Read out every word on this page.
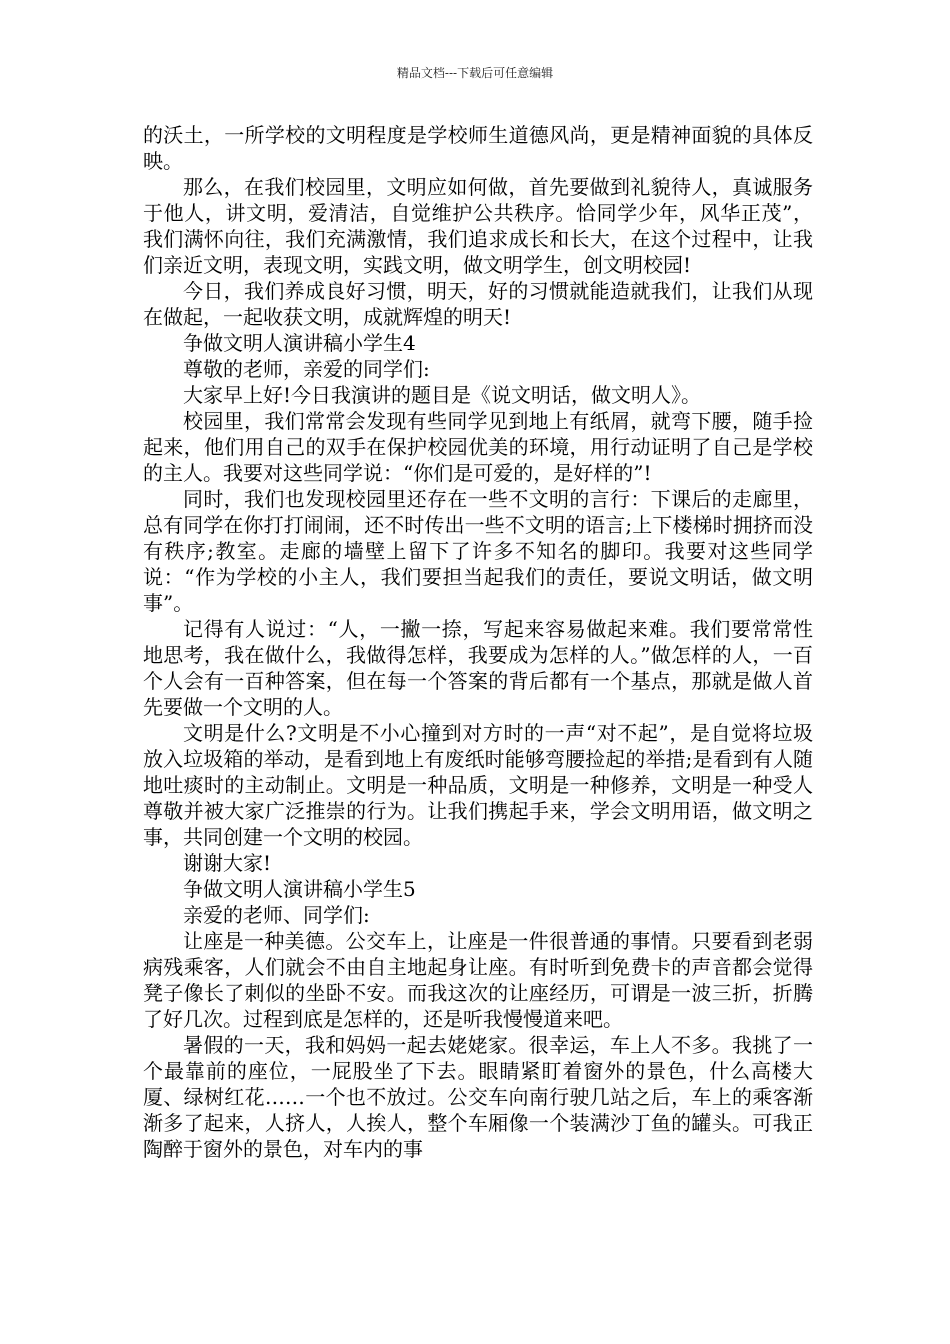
精品文档---下载后可任意编辑

的沃土，一所学校的文明程度是学校师生道德风尚，更是精神面貌的具体反映。

那么，在我们校园里，文明应如何做，首先要做到礼貌待人，真诚服务于他人，讲文明，爱清洁，自觉维护公共秩序。恰同学少年，风华正茂”，我们满怀向往，我们充满激情，我们追求成长和长大，在这个过程中，让我们亲近文明，表现文明，实践文明，做文明学生，创文明校园!

今日，我们养成良好习惯，明天，好的习惯就能造就我们，让我们从现在做起，一起收获文明，成就辉煌的明天!

争做文明人演讲稿小学生4

尊敬的老师，亲爱的同学们:

大家早上好!今日我演讲的题目是《说文明话，做文明人》。

校园里，我们常常会发现有些同学见到地上有纸屑，就弯下腰，随手捡起来，他们用自己的双手在保护校园优美的环境，用行动证明了自己是学校的主人。我要对这些同学说：“你们是可爱的，是好样的”!

同时，我们也发现校园里还存在一些不文明的言行：下课后的走廊里，总有同学在你打打闹闹，还不时传出一些不文明的语言;上下楼梯时拥挤而没有秩序;教室。走廊的墙壁上留下了许多不知名的脚印。我要对这些同学说：“作为学校的小主人，我们要担当起我们的责任，要说文明话，做文明事”。

记得有人说过：“人，一撇一捺，写起来容易做起来难。我们要常常性地思考，我在做什么，我做得怎样，我要成为怎样的人。”做怎样的人，一百个人会有一百种答案，但在每一个答案的背后都有一个基点，那就是做人首先要做一个文明的人。

文明是什么?文明是不小心撞到对方时的一声“对不起”，是自觉将垃圾放入垃圾箱的举动，是看到地上有废纸时能够弯腰捡起的举措;是看到有人随地吐痰时的主动制止。文明是一种品质，文明是一种修养，文明是一种受人尊敬并被大家广泛推崇的行为。让我们携起手来，学会文明用语，做文明之事，共同创建一个文明的校园。

谢谢大家!

争做文明人演讲稿小学生5

亲爱的老师、同学们:

让座是一种美德。公交车上，让座是一件很普通的事情。只要看到老弱病残乘客，人们就会不由自主地起身让座。有时听到免费卡的声音都会觉得凳子像长了刺似的坐卧不安。而我这次的让座经历，可谓是一波三折，折腾了好几次。过程到底是怎样的，还是听我慢慢道来吧。

暑假的一天，我和妈妈一起去姥姥家。很幸运，车上人不多。我挑了一个最靠前的座位，一屁股坐了下去。眼睛紧盯着窗外的景色，什么高楼大厦、绿树红花……一个也不放过。公交车向南行驶几站之后，车上的乘客渐渐多了起来，人挤人，人挨人，整个车厢像一个装满沙丁鱼的罐头。可我正陶醉于窗外的景色，对车内的事
